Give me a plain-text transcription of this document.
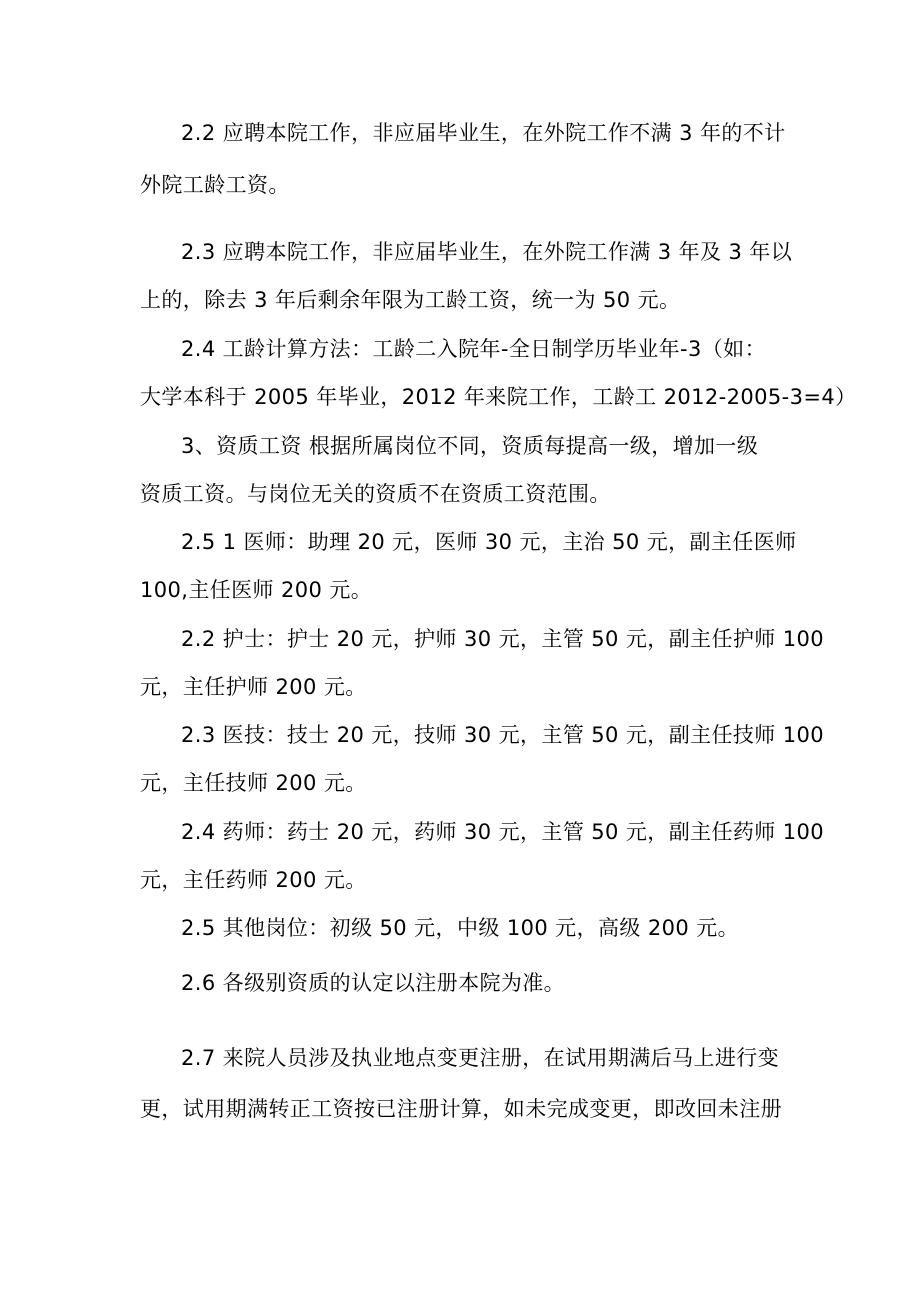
2.2 应聘本院工作，非应届毕业生，在外院工作不满 3 年的不计
外院工龄工资。
2.3 应聘本院工作，非应届毕业生，在外院工作满 3 年及 3 年以
上的，除去 3 年后剩余年限为工龄工资，统一为 50 元。
2.4 工龄计算方法：工龄二入院年-全日制学历毕业年-3（如：
大学本科于 2005 年毕业，2012 年来院工作，工龄工 2012-2005-3=4）
3、资质工资 根据所属岗位不同，资质每提高一级，增加一级
资质工资。与岗位无关的资质不在资质工资范围。
2.5 1 医师：助理 20 元，医师 30 元，主治 50 元，副主任医师
100,主任医师 200 元。
2.2 护士：护士 20 元，护师 30 元，主管 50 元，副主任护师 100
元，主任护师 200 元。
2.3 医技：技士 20 元，技师 30 元，主管 50 元，副主任技师 100
元，主任技师 200 元。
2.4 药师：药士 20 元，药师 30 元，主管 50 元，副主任药师 100
元，主任药师 200 元。
2.5 其他岗位：初级 50 元，中级 100 元，高级 200 元。
2.6 各级别资质的认定以注册本院为准。
2.7 来院人员涉及执业地点变更注册，在试用期满后马上进行变
更，试用期满转正工资按已注册计算，如未完成变更，即改回未注册
